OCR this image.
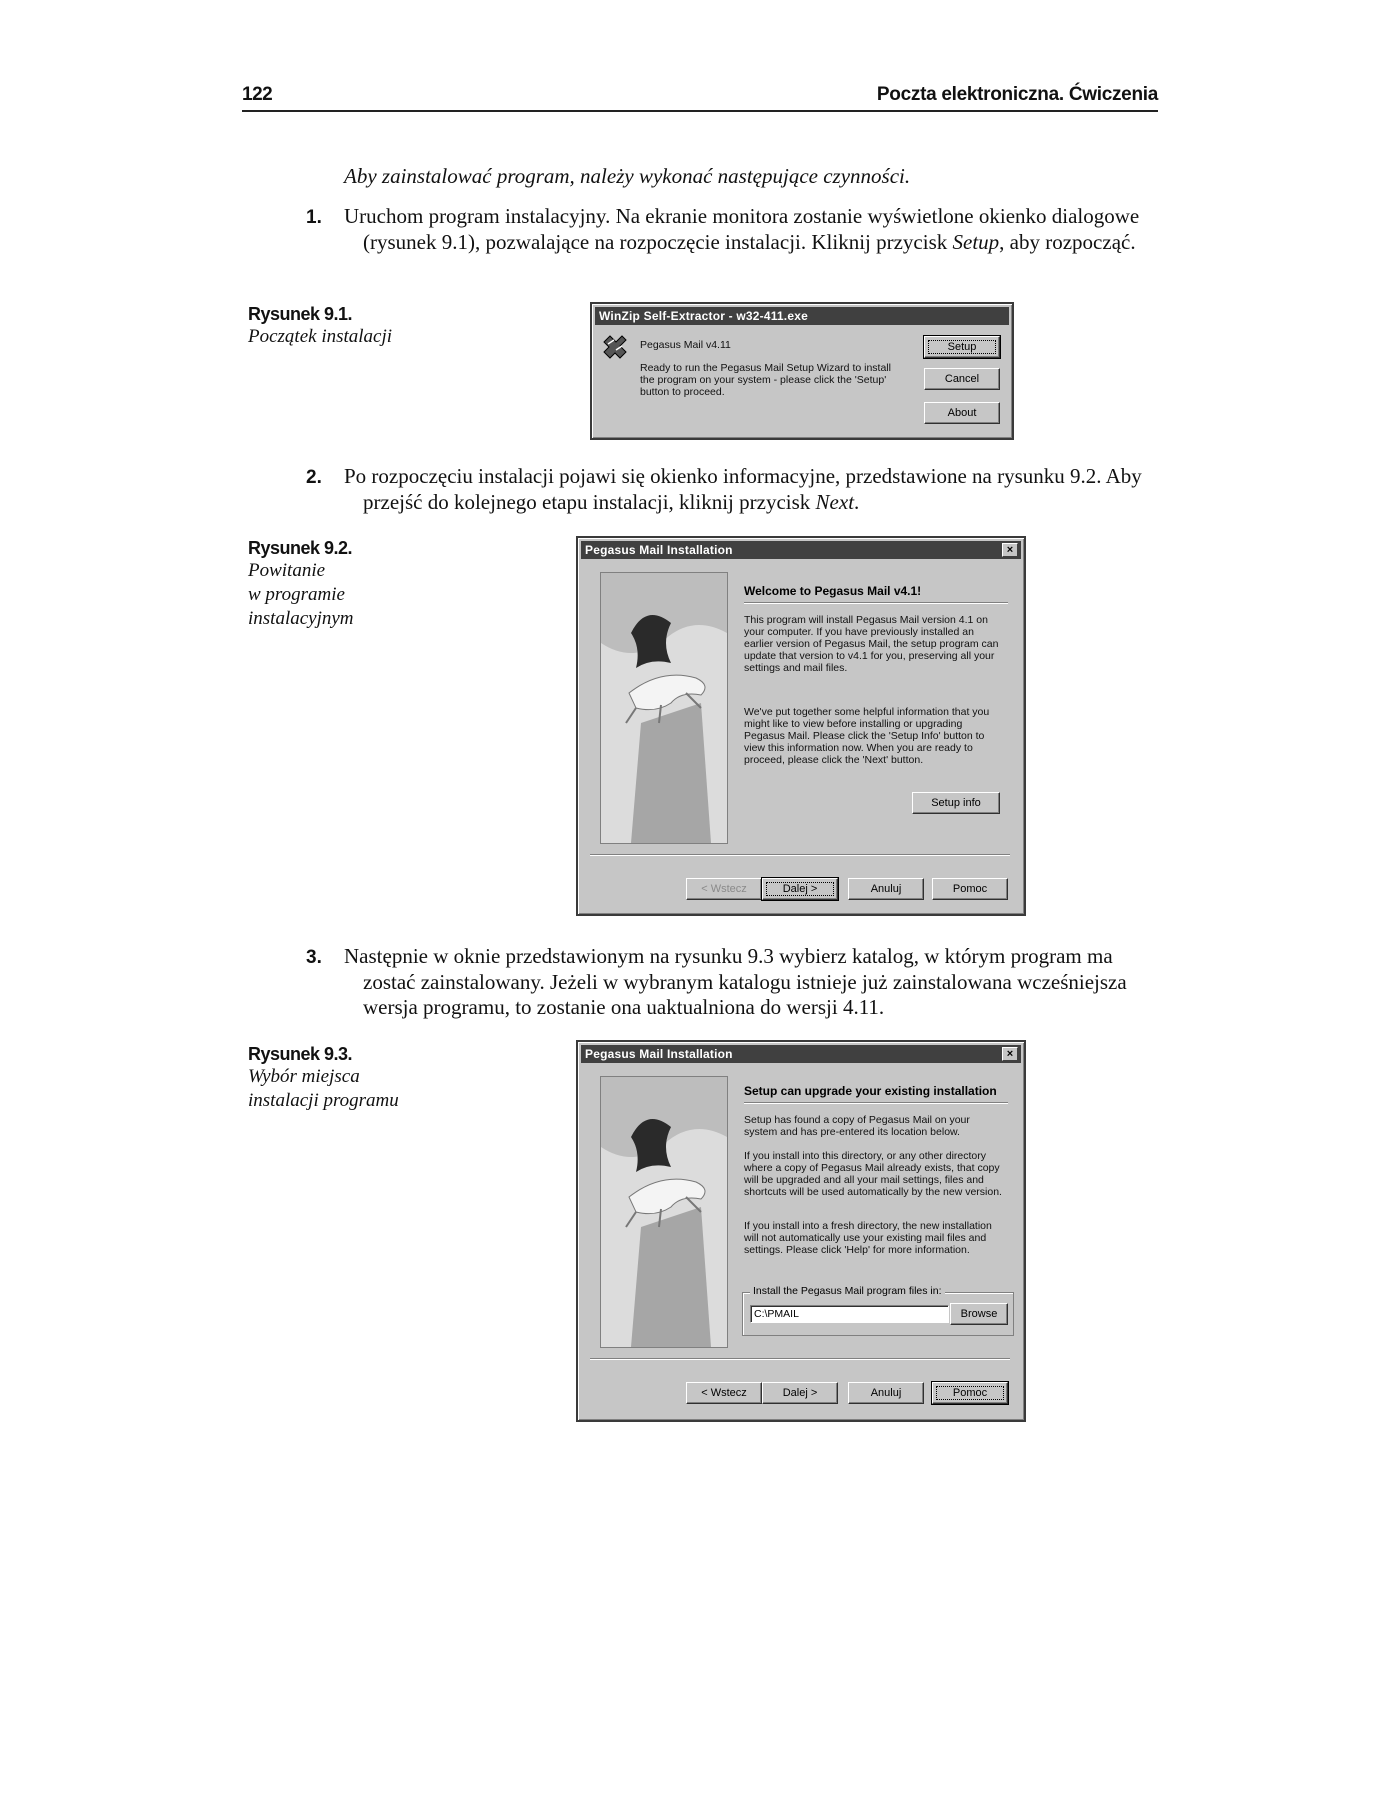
122	Poczta elektroniczna. Ćwiczenia
Aby zainstalować program, należy wykonać następujące czynności.

1. Uruchom program instalacyjny. Na ekranie monitora zostanie wyświetlone okienko dialogowe (rysunek 9.1), pozwalające na rozpoczęcie instalacji. Kliknij przycisk Setup, aby rozpocząć.

Rysunek 9.1.
Początek instalacji
WinZip Self-Extractor - w32-411.exe
Pegasus Mail v4.11
Ready to run the Pegasus Mail Setup Wizard to install the program on your system - please click the 'Setup' button to proceed.
Setup
Cancel
About

2. Po rozpoczęciu instalacji pojawi się okienko informacyjne, przedstawione na rysunku 9.2. Aby przejść do kolejnego etapu instalacji, kliknij przycisk Next.

Rysunek 9.2.
Powitanie
w programie
instalacyjnym
Pegasus Mail Installation	×
Welcome to Pegasus Mail v4.1!
This program will install Pegasus Mail version 4.1 on your computer. If you have previously installed an earlier version of Pegasus Mail, the setup program can update that version to v4.1 for you, preserving all your settings and mail files.
We've put together some helpful information that you might like to view before installing or upgrading Pegasus Mail. Please click the 'Setup Info' button to view this information now. When you are ready to proceed, please click the 'Next' button.
Setup info
< Wstecz	Dalej >	Anuluj	Pomoc

3. Następnie w oknie przedstawionym na rysunku 9.3 wybierz katalog, w którym program ma zostać zainstalowany. Jeżeli w wybranym katalogu istnieje już zainstalowana wcześniejsza wersja programu, to zostanie ona uaktualniona do wersji 4.11.

Rysunek 9.3.
Wybór miejsca
instalacji programu
Pegasus Mail Installation	×
Setup can upgrade your existing installation
Setup has found a copy of Pegasus Mail on your system and has pre-entered its location below.
If you install into this directory, or any other directory where a copy of Pegasus Mail already exists, that copy will be upgraded and all your mail settings, files and shortcuts will be used automatically by the new version.
If you install into a fresh directory, the new installation will not automatically use your existing mail files and settings. Please click 'Help' for more information.
Install the Pegasus Mail program files in:
C:\PMAIL	Browse
< Wstecz	Dalej >	Anuluj	Pomoc
